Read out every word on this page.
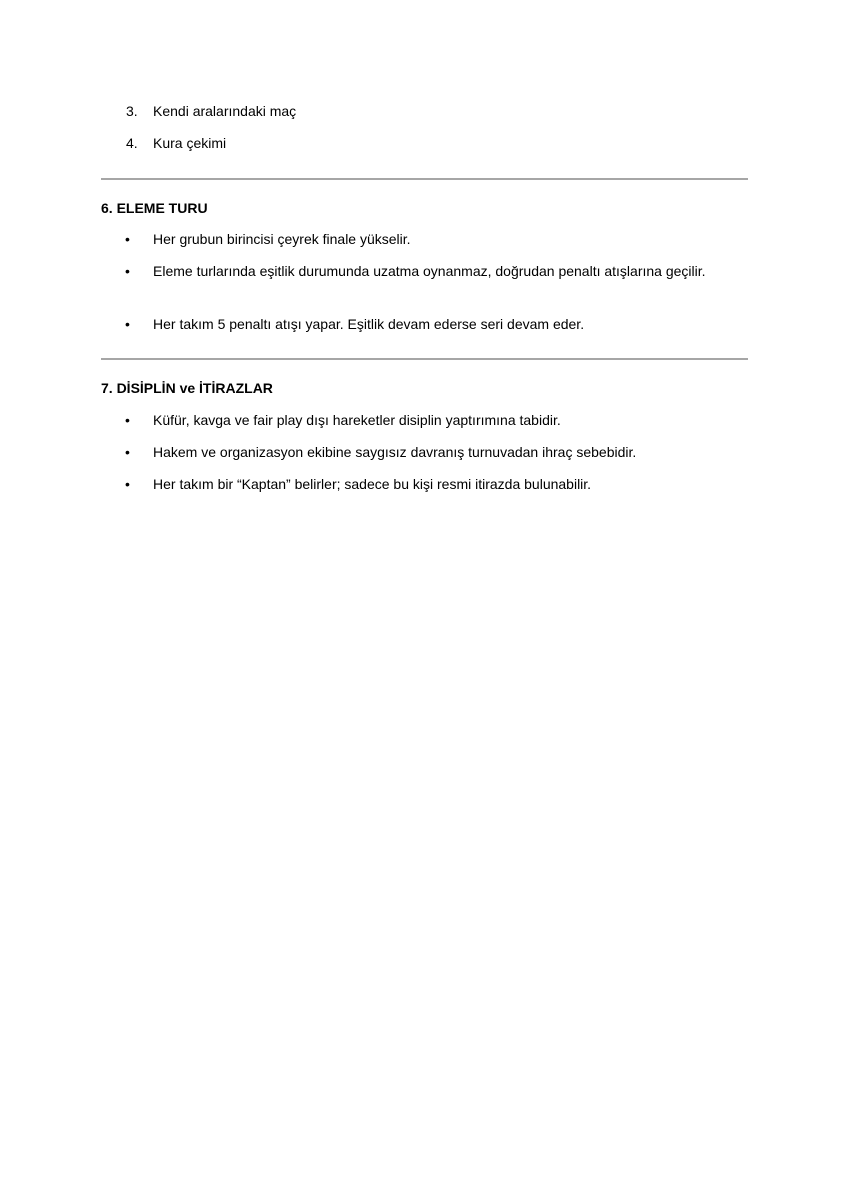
3. Kendi aralarındaki maç
4. Kura çekimi
6. ELEME TURU
• Her grubun birincisi çeyrek finale yükselir.
• Eleme turlarında eşitlik durumunda uzatma oynanmaz, doğrudan penaltı atışlarına geçilir.
• Her takım 5 penaltı atışı yapar. Eşitlik devam ederse seri devam eder.
7. DİSİPLİN ve İTİRAZLAR
• Küfür, kavga ve fair play dışı hareketler disiplin yaptırımına tabidir.
• Hakem ve organizasyon ekibine saygısız davranış turnuvadan ihraç sebebidir.
• Her takım bir “Kaptan” belirler; sadece bu kişi resmi itirazda bulunabilir.
